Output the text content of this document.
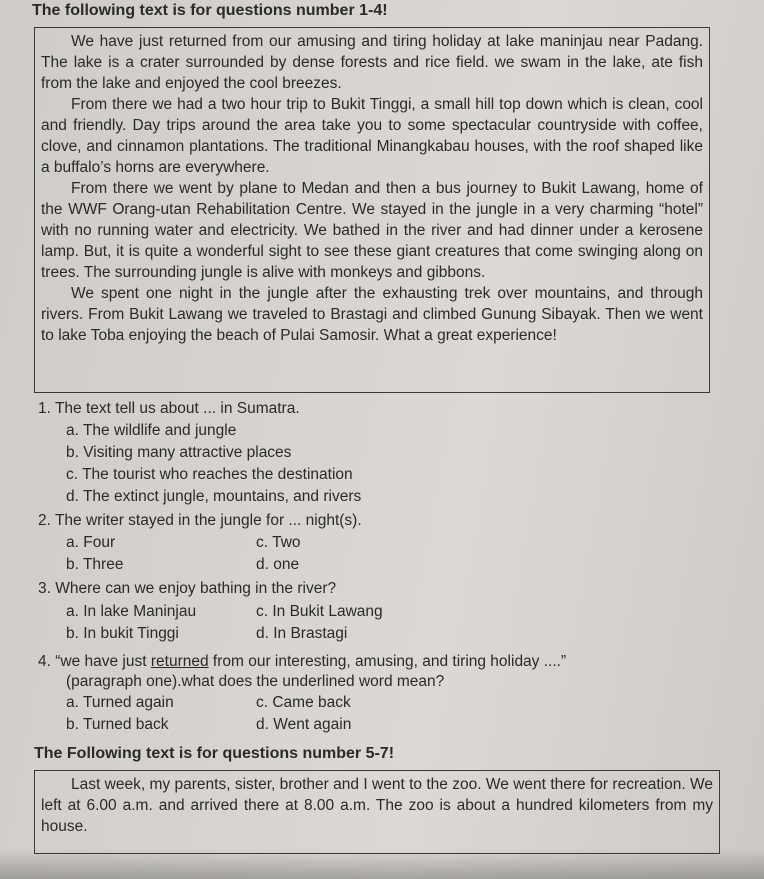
The following text is for questions number 1-4!

We have just returned from our amusing and tiring holiday at lake maninjau near Padang. The lake is a crater surrounded by dense forests and rice field. we swam in the lake, ate fish from the lake and enjoyed the cool breezes.

From there we had a two hour trip to Bukit Tinggi, a small hill top down which is clean, cool and friendly. Day trips around the area take you to some spectacular countryside with coffee, clove, and cinnamon plantations. The traditional Minangkabau houses, with the roof shaped like a buffalo’s horns are everywhere.

From there we went by plane to Medan and then a bus journey to Bukit Lawang, home of the WWF Orang-utan Rehabilitation Centre. We stayed in the jungle in a very charming “hotel” with no running water and electricity. We bathed in the river and had dinner under a kerosene lamp. But, it is quite a wonderful sight to see these giant creatures that come swinging along on trees. The surrounding jungle is alive with monkeys and gibbons.

We spent one night in the jungle after the exhausting trek over mountains, and through rivers. From Bukit Lawang we traveled to Brastagi and climbed Gunung Sibayak. Then we went to lake Toba enjoying the beach of Pulai Samosir. What a great experience!

1. The text tell us about ... in Sumatra.
a. The wildlife and jungle
b. Visiting many attractive places
c. The tourist who reaches the destination
d. The extinct jungle, mountains, and rivers
2. The writer stayed in the jungle for ... night(s).
a. Four
b. Three
c. Two
d. one
3. Where can we enjoy bathing in the river?
a. In lake Maninjau
b. In bukit Tinggi
c. In Bukit Lawang
d. In Brastagi
4. “we have just returned from our interesting, amusing, and tiring holiday ....”
(paragraph one).what does the underlined word mean?
a. Turned again
b. Turned back
c. Came back
d. Went again
The Following text is for questions number 5-7!

Last week, my parents, sister, brother and I went to the zoo. We went there for recreation. We left at 6.00 a.m. and arrived there at 8.00 a.m. The zoo is about a hundred kilometers from my house.
